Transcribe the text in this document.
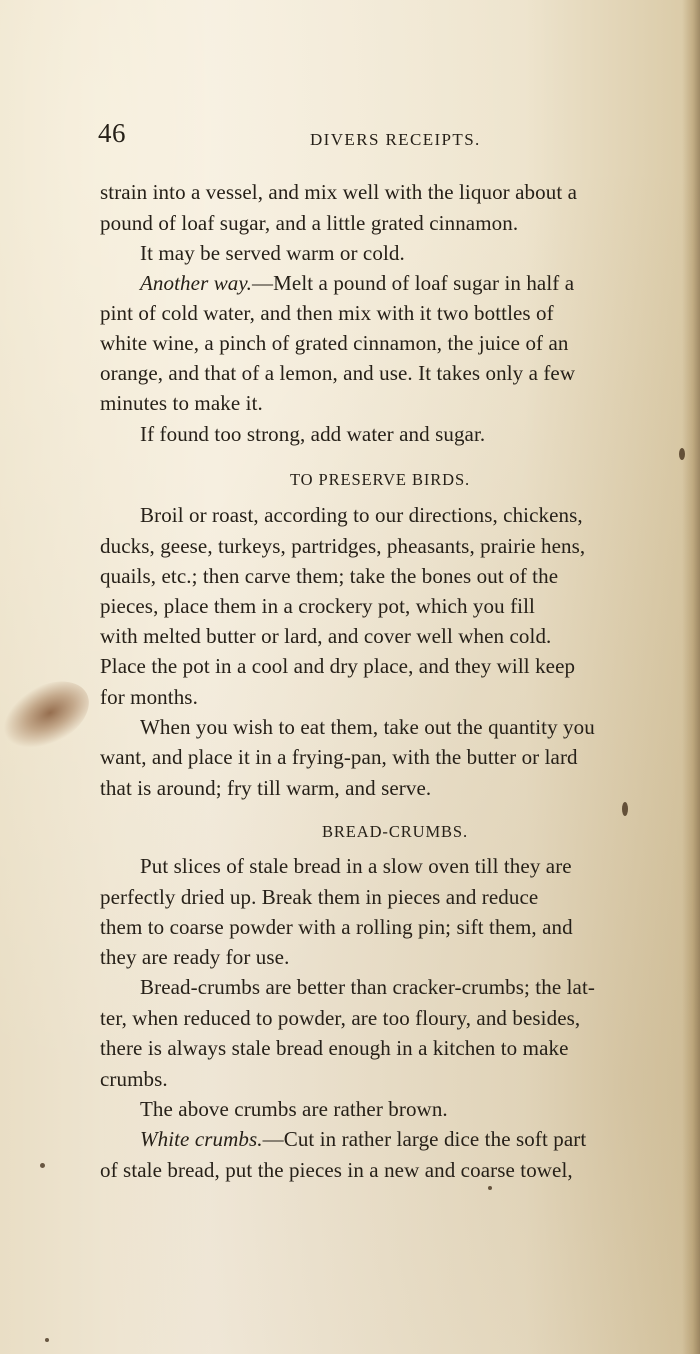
46	DIVERS RECEIPTS.
strain into a vessel, and mix well with the liquor about a
pound of loaf sugar, and a little grated cinnamon.
It may be served warm or cold.
Another way.—Melt a pound of loaf sugar in half a
pint of cold water, and then mix with it two bottles of
white wine, a pinch of grated cinnamon, the juice of an
orange, and that of a lemon, and use. It takes only a few
minutes to make it.
If found too strong, add water and sugar.
TO PRESERVE BIRDS.
Broil or roast, according to our directions, chickens,
ducks, geese, turkeys, partridges, pheasants, prairie hens,
quails, etc.; then carve them; take the bones out of the
pieces, place them in a crockery pot, which you fill
with melted butter or lard, and cover well when cold.
Place the pot in a cool and dry place, and they will keep
for months.
When you wish to eat them, take out the quantity you
want, and place it in a frying-pan, with the butter or lard
that is around; fry till warm, and serve.
BREAD-CRUMBS.
Put slices of stale bread in a slow oven till they are
perfectly dried up. Break them in pieces and reduce
them to coarse powder with a rolling pin; sift them, and
they are ready for use.
Bread-crumbs are better than cracker-crumbs; the lat-
ter, when reduced to powder, are too floury, and besides,
there is always stale bread enough in a kitchen to make
crumbs.
The above crumbs are rather brown.
White crumbs.—Cut in rather large dice the soft part
of stale bread, put the pieces in a new and coarse towel,
